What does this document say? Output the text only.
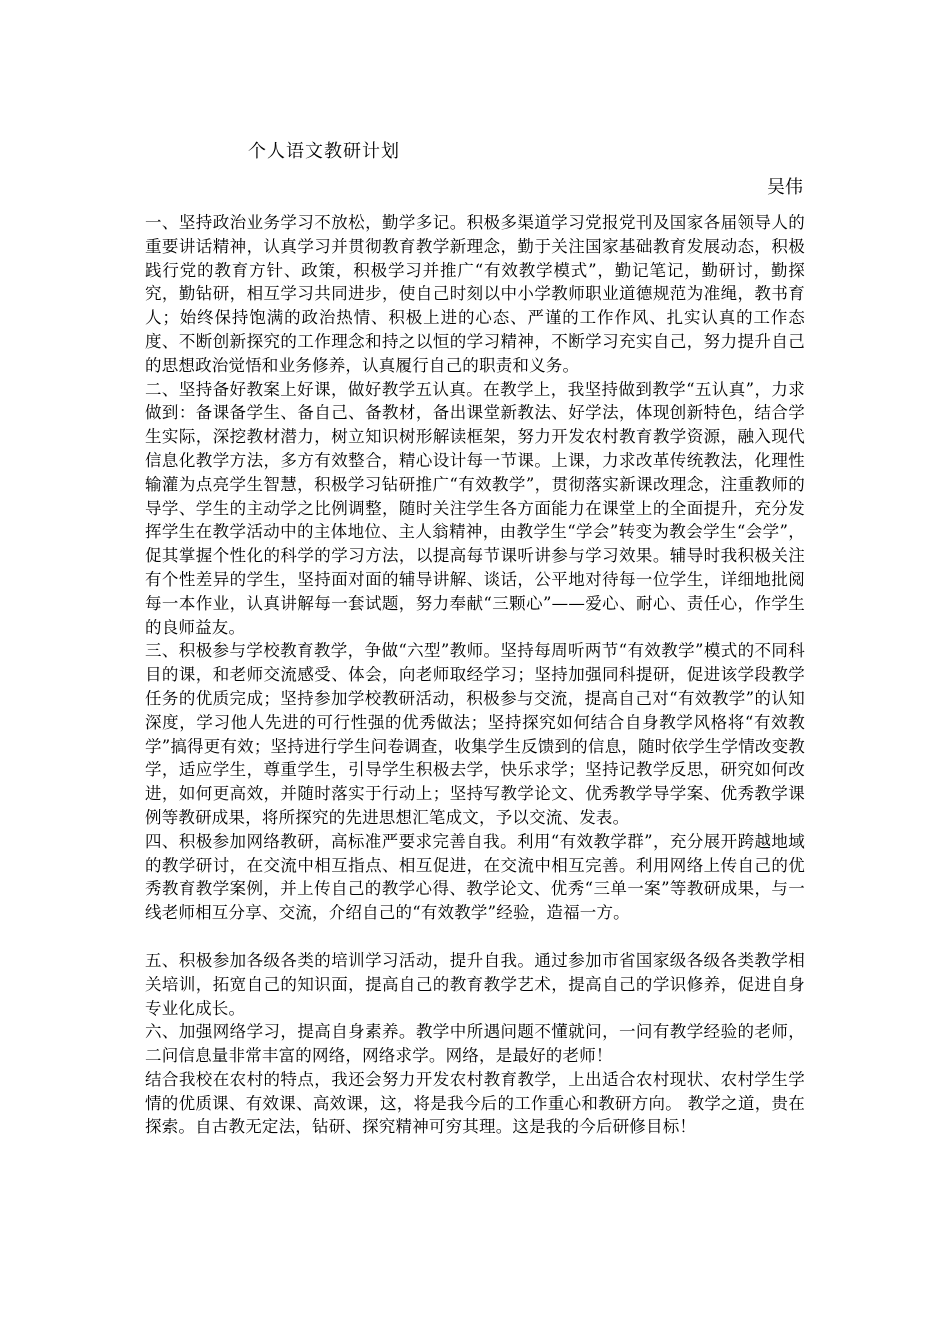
个人语文教研计划
吴伟

一、坚持政治业务学习不放松，勤学多记。积极多渠道学习党报党刊及国家各届领导人的重要讲话精神，认真学习并贯彻教育教学新理念，勤于关注国家基础教育发展动态，积极践行党的教育方针、政策，积极学习并推广“有效教学模式”，勤记笔记，勤研讨，勤探究，勤钻研，相互学习共同进步，使自己时刻以中小学教师职业道德规范为准绳，教书育人；始终保持饱满的政治热情、积极上进的心态、严谨的工作作风、扎实认真的工作态度、不断创新探究的工作理念和持之以恒的学习精神，不断学习充实自己，努力提升自己的思想政治觉悟和业务修养，认真履行自己的职责和义务。

二、坚持备好教案上好课，做好教学五认真。在教学上，我坚持做到教学“五认真”，力求做到：备课备学生、备自己、备教材，备出课堂新教法、好学法，体现创新特色，结合学生实际，深挖教材潜力，树立知识树形解读框架，努力开发农村教育教学资源，融入现代信息化教学方法，多方有效整合，精心设计每一节课。上课，力求改革传统教法，化理性输灌为点亮学生智慧，积极学习钻研推广“有效教学”，贯彻落实新课改理念，注重教师的导学、学生的主动学之比例调整，随时关注学生各方面能力在课堂上的全面提升，充分发挥学生在教学活动中的主体地位、主人翁精神，由教学生“学会”转变为教会学生“会学”，促其掌握个性化的科学的学习方法，以提高每节课听讲参与学习效果。辅导时我积极关注有个性差异的学生，坚持面对面的辅导讲解、谈话，公平地对待每一位学生，详细地批阅每一本作业，认真讲解每一套试题，努力奉献“三颗心”——爱心、耐心、责任心，作学生的良师益友。

三、积极参与学校教育教学，争做“六型”教师。坚持每周听两节“有效教学”模式的不同科目的课，和老师交流感受、体会，向老师取经学习；坚持加强同科提研，促进该学段教学任务的优质完成；坚持参加学校教研活动，积极参与交流，提高自己对“有效教学”的认知深度，学习他人先进的可行性强的优秀做法；坚持探究如何结合自身教学风格将“有效教学”搞得更有效；坚持进行学生问卷调查，收集学生反馈到的信息，随时依学生学情改变教学，适应学生，尊重学生，引导学生积极去学，快乐求学；坚持记教学反思，研究如何改进，如何更高效，并随时落实于行动上；坚持写教学论文、优秀教学导学案、优秀教学课例等教研成果，将所探究的先进思想汇笔成文，予以交流、发表。

四、积极参加网络教研，高标准严要求完善自我。利用“有效教学群”，充分展开跨越地域的教学研讨，在交流中相互指点、相互促进，在交流中相互完善。利用网络上传自己的优秀教育教学案例，并上传自己的教学心得、教学论文、优秀“三单一案”等教研成果，与一线老师相互分享、交流，介绍自己的“有效教学”经验，造福一方。

五、积极参加各级各类的培训学习活动，提升自我。通过参加市省国家级各级各类教学相关培训，拓宽自己的知识面，提高自己的教育教学艺术，提高自己的学识修养，促进自身专业化成长。

六、加强网络学习，提高自身素养。教学中所遇问题不懂就问，一问有教学经验的老师，二问信息量非常丰富的网络，网络求学。网络，是最好的老师！

结合我校在农村的特点，我还会努力开发农村教育教学，上出适合农村现状、农村学生学情的优质课、有效课、高效课，这，将是我今后的工作重心和教研方向。 教学之道，贵在探索。自古教无定法，钻研、探究精神可穷其理。这是我的今后研修目标！
